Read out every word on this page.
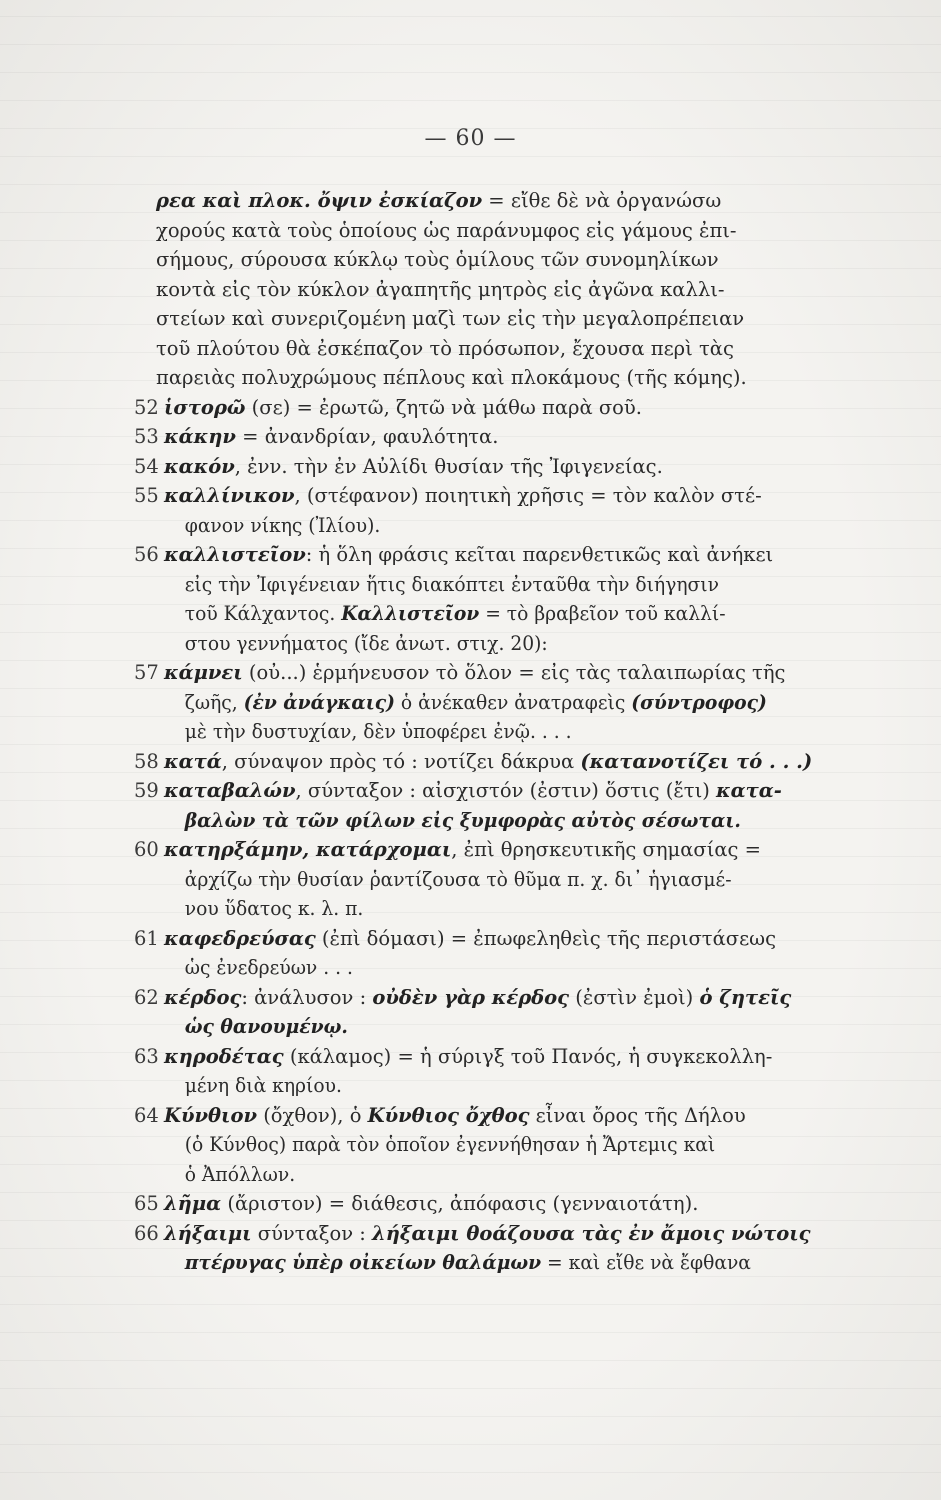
— 60 —
ρεα καὶ πλοκ. ὄψιν ἐσκίαζον = εἴθε δὲ νὰ ὀργανώσω
χορούς κατὰ τοὺς ὁποίους ὡς παράνυμφος εἰς γάμους ἐπι-
σήμους, σύρουσα κύκλῳ τοὺς ὁμίλους τῶν συνομηλίκων
κοντὰ εἰς τὸν κύκλον ἀγαπητῆς μητρὸς εἰς ἀγῶνα καλλι-
στείων καὶ συνεριζομένη μαζὶ των εἰς τὴν μεγαλοπρέπειαν
τοῦ πλούτου θὰ ἐσκέπαζον τὸ πρόσωπον, ἔχουσα περὶ τὰς
παρειὰς πολυχρώμους πέπλους καὶ πλοκάμους (τῆς κόμης).
52 ἱστορῶ (σε) = ἐρωτῶ, ζητῶ νὰ μάθω παρὰ σοῦ.
53 κάκην = ἀνανδρίαν, φαυλότητα.
54 κακόν, ἐνν. τὴν ἐν Αὐλίδι θυσίαν τῆς Ἰφιγενείας.
55 καλλίνικον, (στέφανον) ποιητικὴ χρῆσις = τὸν καλὸν στέ-
φανον νίκης (Ἰλίου).
56 καλλιστεῖον: ἡ ὅλη φράσις κεῖται παρενθετικῶς καὶ ἀνήκει
εἰς τὴν Ἰφιγένειαν ἥτις διακόπτει ἐνταῦθα τὴν διήγησιν
τοῦ Κάλχαντος. Καλλιστεῖον = τὸ βραβεῖον τοῦ καλλί-
στου γεννήματος (ἴδε ἀνωτ. στιχ. 20):
57 κάμνει (οὐ...) ἑρμήνευσον τὸ ὅλον = εἰς τὰς ταλαιπωρίας τῆς
ζωῆς, (ἐν ἀνάγκαις) ὁ ἀνέκαθεν ἀνατραφεὶς (σύντροφος)
μὲ τὴν δυστυχίαν, δὲν ὑποφέρει ἐνῷ. . . .
58 κατά, σύναψον πρὸς τό : νοτίζει δάκρυα (κατανοτίζει τό . . .)
59 καταβαλών, σύνταξον : αἰσχιστόν (ἐστιν) ὅστις (ἔτι) κατα-
βαλὼν τὰ τῶν φίλων εἰς ξυμφορὰς αὐτὸς σέσωται.
60 κατηρξάμην, κατάρχομαι, ἐπὶ θρησκευτικῆς σημασίας =
ἀρχίζω τὴν θυσίαν ῥαντίζουσα τὸ θῦμα π. χ. δι᾽ ἡγιασμέ-
νου ὕδατος κ. λ. π.
61 καφεδρεύσας (ἐπὶ δόμασι) = ἐπωφεληθεὶς τῆς περιστάσεως
ὡς ἐνεδρεύων . . .
62 κέρδος: ἀνάλυσον : οὐδὲν γὰρ κέρδος (ἐστὶν ἐμοὶ) ὁ ζητεῖς
ὡς θανουμένῳ.
63 κηροδέτας (κάλαμος) = ἡ σύριγξ τοῦ Πανός, ἡ συγκεκολλη-
μένη διὰ κηρίου.
64 Κύνθιον (ὄχθον), ὁ Κύνθιος ὄχθος εἶναι ὄρος τῆς Δήλου
(ὁ Κύνθος) παρὰ τὸν ὁποῖον ἐγεννήθησαν ἡ Ἄρτεμις καὶ
ὁ Ἀπόλλων.
65 λῆμα (ἄριστον) = διάθεσις, ἀπόφασις (γενναιοτάτη).
66 λήξαιμι σύνταξον : λήξαιμι θοάζουσα τὰς ἐν ἄμοις νώτοις
πτέρυγας ὑπὲρ οἰκείων θαλάμων = καὶ εἴθε νὰ ἔφθανα
